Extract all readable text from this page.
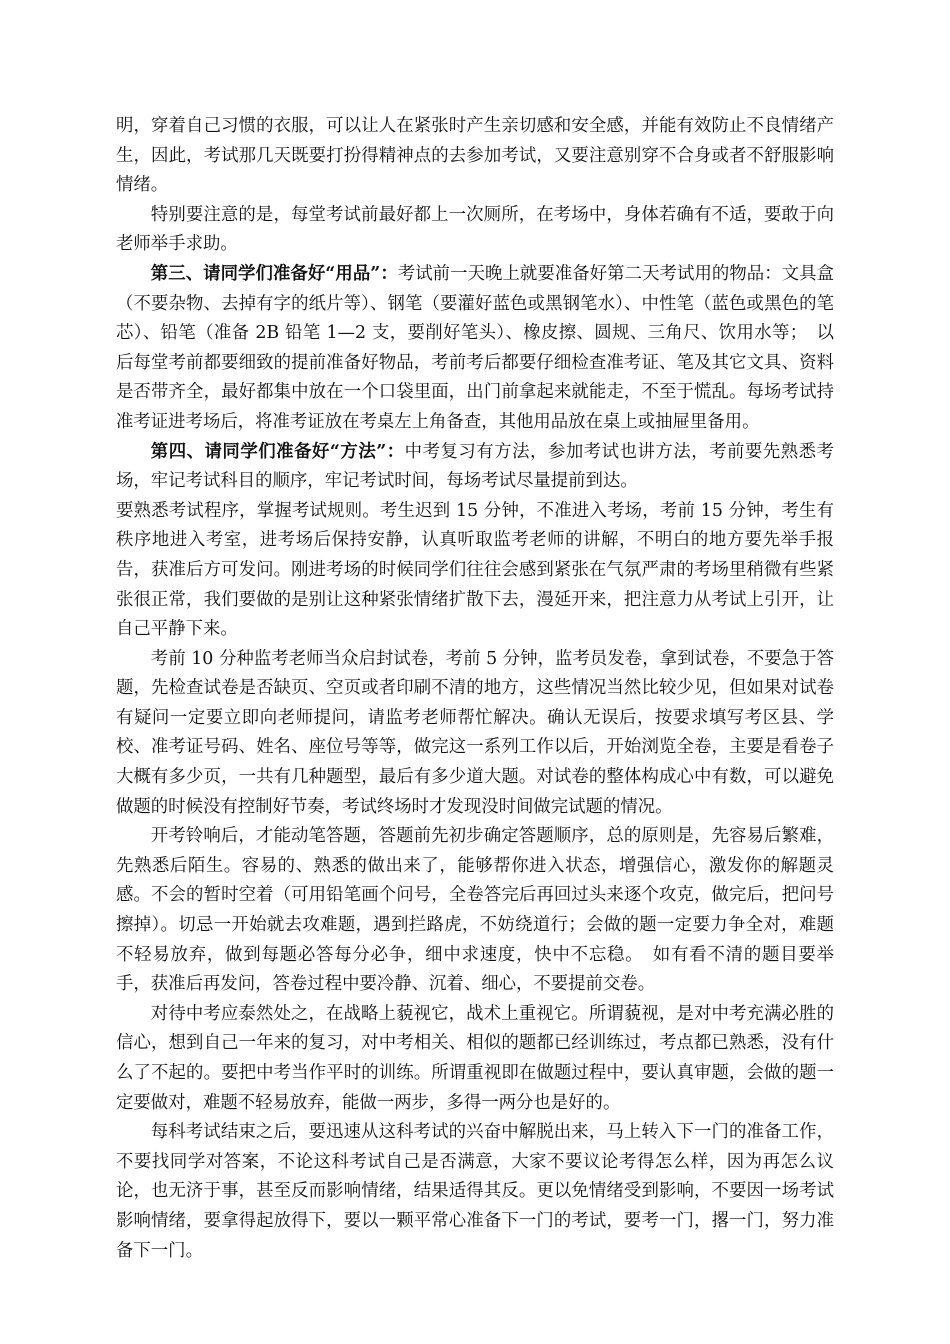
明，穿着自己习惯的衣服，可以让人在紧张时产生亲切感和安全感，并能有效防止不良情绪产生，因此，考试那几天既要打扮得精神点的去参加考试，又要注意别穿不合身或者不舒服影响情绪。

特别要注意的是，每堂考试前最好都上一次厕所，在考场中，身体若确有不适，要敢于向老师举手求助。

第三、请同学们准备好“用品”：考试前一天晚上就要准备好第二天考试用的物品：文具盒（不要杂物、去掉有字的纸片等）、钢笔（要灌好蓝色或黑钢笔水）、中性笔（蓝色或黑色的笔芯）、铅笔（准备 2B 铅笔 1—2 支，要削好笔头）、橡皮擦、圆规、三角尺、饮用水等；　以后每堂考前都要细致的提前准备好物品，考前考后都要仔细检查准考证、笔及其它文具、资料是否带齐全，最好都集中放在一个口袋里面，出门前拿起来就能走，不至于慌乱。每场考试持准考证进考场后，将准考证放在考桌左上角备查，其他用品放在桌上或抽屉里备用。

第四、请同学们准备好“方法”：中考复习有方法，参加考试也讲方法，考前要先熟悉考场，牢记考试科目的顺序，牢记考试时间，每场考试尽量提前到达。

要熟悉考试程序，掌握考试规则。考生迟到 15 分钟，不准进入考场，考前 15 分钟，考生有秩序地进入考室，进考场后保持安静，认真听取监考老师的讲解，不明白的地方要先举手报告，获准后方可发问。刚进考场的时候同学们往往会感到紧张在气氛严肃的考场里稍微有些紧张很正常，我们要做的是别让这种紧张情绪扩散下去，漫延开来，把注意力从考试上引开，让自己平静下来。

考前 10 分种监考老师当众启封试卷，考前 5 分钟，监考员发卷，拿到试卷，不要急于答题，先检查试卷是否缺页、空页或者印刷不清的地方，这些情况当然比较少见，但如果对试卷有疑问一定要立即向老师提问，请监考老师帮忙解决。确认无误后，按要求填写考区县、学校、准考证号码、姓名、座位号等等，做完这一系列工作以后，开始浏览全卷，主要是看卷子大概有多少页，一共有几种题型，最后有多少道大题。对试卷的整体构成心中有数，可以避免做题的时候没有控制好节奏，考试终场时才发现没时间做完试题的情况。

开考铃响后，才能动笔答题，答题前先初步确定答题顺序，总的原则是，先容易后繁难，先熟悉后陌生。容易的、熟悉的做出来了，能够帮你进入状态，增强信心，激发你的解题灵感。不会的暂时空着（可用铅笔画个问号，全卷答完后再回过头来逐个攻克，做完后，把问号擦掉）。切忌一开始就去攻难题，遇到拦路虎，不妨绕道行；会做的题一定要力争全对，难题不轻易放弃，做到每题必答每分必争，细中求速度，快中不忘稳。　如有看不清的题目要举手，获准后再发问，答卷过程中要冷静、沉着、细心，不要提前交卷。

对待中考应泰然处之，在战略上藐视它，战术上重视它。所谓藐视，是对中考充满必胜的信心，想到自己一年来的复习，对中考相关、相似的题都已经训练过，考点都已熟悉，没有什么了不起的。要把中考当作平时的训练。所谓重视即在做题过程中，要认真审题，会做的题一定要做对，难题不轻易放弃，能做一两步，多得一两分也是好的。

每科考试结束之后，要迅速从这科考试的兴奋中解脱出来，马上转入下一门的准备工作，不要找同学对答案，不论这科考试自己是否满意，大家不要议论考得怎么样，因为再怎么议论，也无济于事，甚至反而影响情绪，结果适得其反。更以免情绪受到影响，不要因一场考试影响情绪，要拿得起放得下，要以一颗平常心准备下一门的考试，要考一门，撂一门，努力准备下一门。
